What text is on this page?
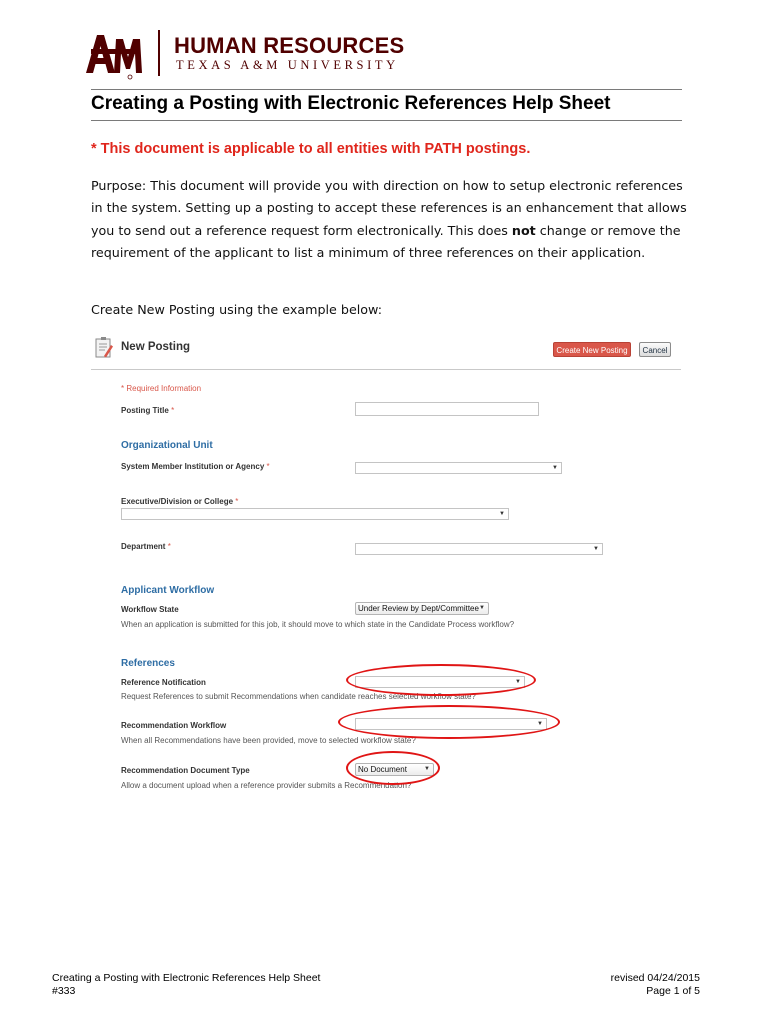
HUMAN RESOURCES
TEXAS A&M UNIVERSITY
Creating a Posting with Electronic References Help Sheet
* This document is applicable to all entities with PATH postings.
Purpose: This document will provide you with direction on how to setup electronic references in the system. Setting up a posting to accept these references is an enhancement that allows you to send out a reference request form electronically. This does not change or remove the requirement of the applicant to list a minimum of three references on their application.
Create New Posting using the example below:
New Posting	Create New Posting	Cancel
* Required Information
Posting Title *
Organizational Unit
System Member Institution or Agency *	▼
Executive/Division or College *
▼
Department *	▼
Applicant Workflow
Workflow State	Under Review by Dept/Committee ▼
When an application is submitted for this job, it should move to which state in the Candidate Process workflow?
References
Reference Notification	▼
Request References to submit Recommendations when candidate reaches selected workflow state?
Recommendation Workflow	▼
When all Recommendations have been provided, move to selected workflow state?
Recommendation Document Type	No Document	▼
Allow a document upload when a reference provider submits a Recommendation?
Creating a Posting with Electronic References Help Sheet
#333
revised 04/24/2015
Page 1 of 5
